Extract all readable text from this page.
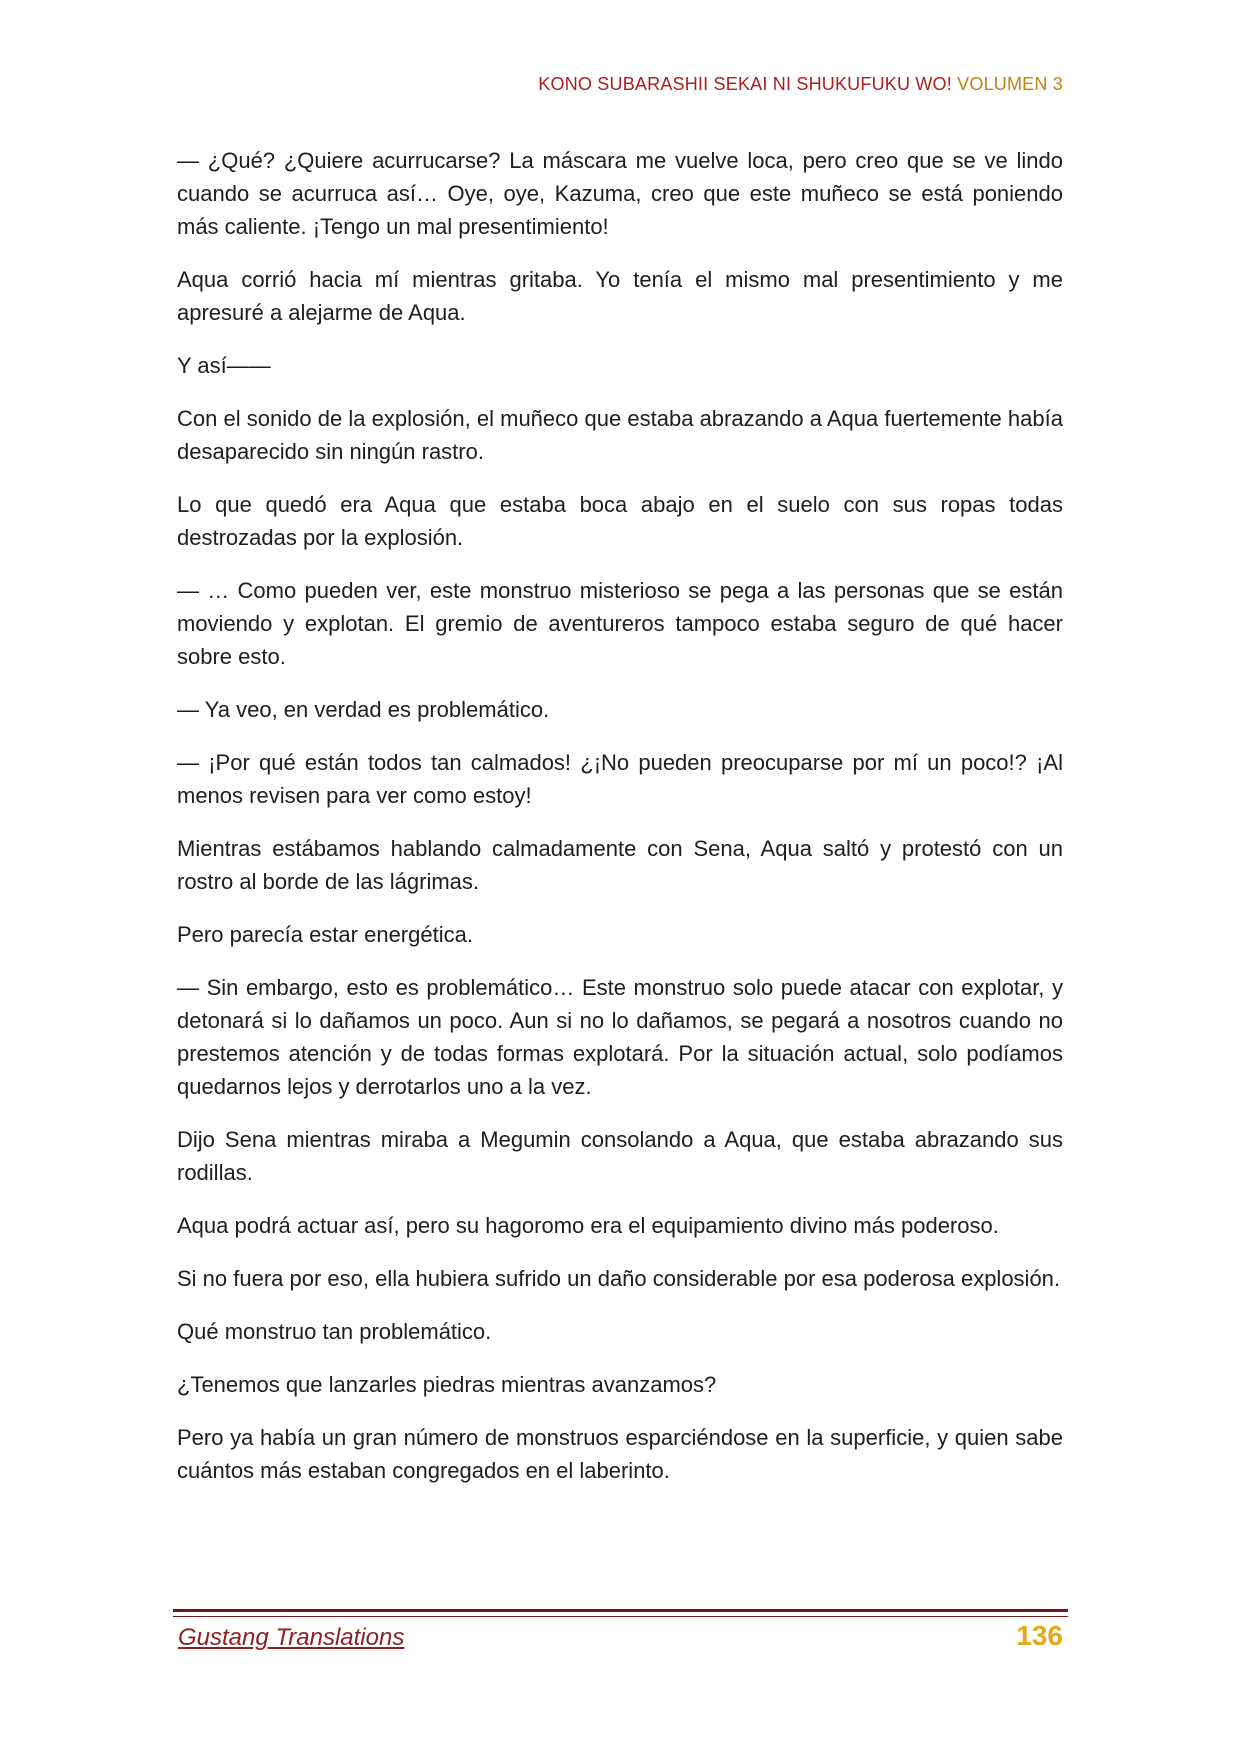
KONO SUBARASHII SEKAI NI SHUKUFUKU WO! VOLUMEN 3

— ¿Qué? ¿Quiere acurrucarse? La máscara me vuelve loca, pero creo que se ve lindo cuando se acurruca así… Oye, oye, Kazuma, creo que este muñeco se está poniendo más caliente. ¡Tengo un mal presentimiento!

Aqua corrió hacia mí mientras gritaba. Yo tenía el mismo mal presentimiento y me apresuré a alejarme de Aqua.

Y así——

Con el sonido de la explosión, el muñeco que estaba abrazando a Aqua fuertemente había desaparecido sin ningún rastro.

Lo que quedó era Aqua que estaba boca abajo en el suelo con sus ropas todas destrozadas por la explosión.

— … Como pueden ver, este monstruo misterioso se pega a las personas que se están moviendo y explotan. El gremio de aventureros tampoco estaba seguro de qué hacer sobre esto.

— Ya veo, en verdad es problemático.

— ¡Por qué están todos tan calmados! ¿¡No pueden preocuparse por mí un poco!? ¡Al menos revisen para ver como estoy!

Mientras estábamos hablando calmadamente con Sena, Aqua saltó y protestó con un rostro al borde de las lágrimas.

Pero parecía estar energética.

— Sin embargo, esto es problemático… Este monstruo solo puede atacar con explotar, y detonará si lo dañamos un poco. Aun si no lo dañamos, se pegará a nosotros cuando no prestemos atención y de todas formas explotará. Por la situación actual, solo podíamos quedarnos lejos y derrotarlos uno a la vez.

Dijo Sena mientras miraba a Megumin consolando a Aqua, que estaba abrazando sus rodillas.

Aqua podrá actuar así, pero su hagoromo era el equipamiento divino más poderoso.

Si no fuera por eso, ella hubiera sufrido un daño considerable por esa poderosa explosión.

Qué monstruo tan problemático.

¿Tenemos que lanzarles piedras mientras avanzamos?

Pero ya había un gran número de monstruos esparciéndose en la superficie, y quien sabe cuántos más estaban congregados en el laberinto.

Gustang Translations	136
